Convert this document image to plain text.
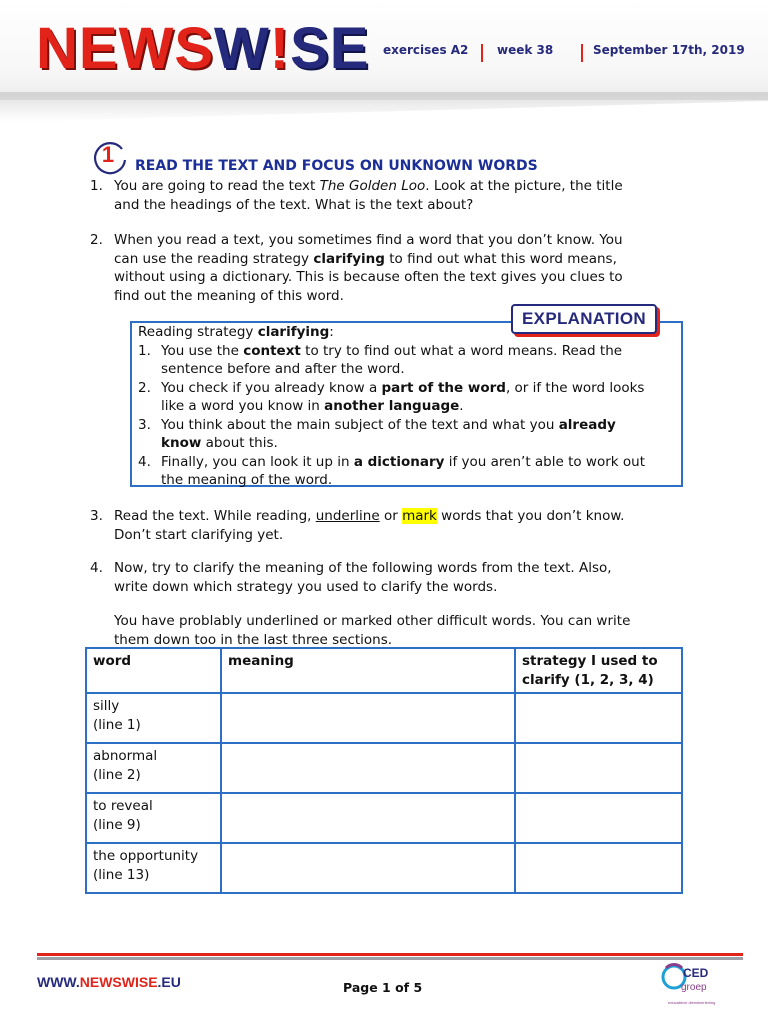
NEWSW!SE exercises A2 week 38	September 17th, 2019
1	READ THE TEXT AND FOCUS ON UNKNOWN WORDS
1. You are going to read the text The Golden Loo. Look at the picture, the title
and the headings of the text. What is the text about?
2. When you read a text, you sometimes find a word that you don’t know. You
can use the reading strategy clarifying to find out what this word means,
without using a dictionary. This is because often the text gives you clues to
find out the meaning of this word.
EXPLANATION
Reading strategy clarifying:
1. You use the context to try to find out what a word means. Read the
sentence before and after the word.
2. You check if you already know a part of the word, or if the word looks
like a word you know in another language.
3. You think about the main subject of the text and what you already
know about this.
4. Finally, you can look it up in a dictionary if you aren’t able to work out
the meaning of the word.
3. Read the text. While reading, underline or mark words that you don’t know.
Don’t start clarifying yet.
4. Now, try to clarify the meaning of the following words from the text. Also,
write down which strategy you used to clarify the words.
You have problably underlined or marked other difficult words. You can write
them down too in the last three sections.
word	meaning	strategy I used to clarify (1, 2, 3, 4)

silly
(line 1)		

abnormal
(line 2)		

to reveal
(line 9)		

the opportunity
(line 13)		

WWW.NEWSWISE.EU	Page 1 of 5
CED
groep
educatieve dienstverlening
